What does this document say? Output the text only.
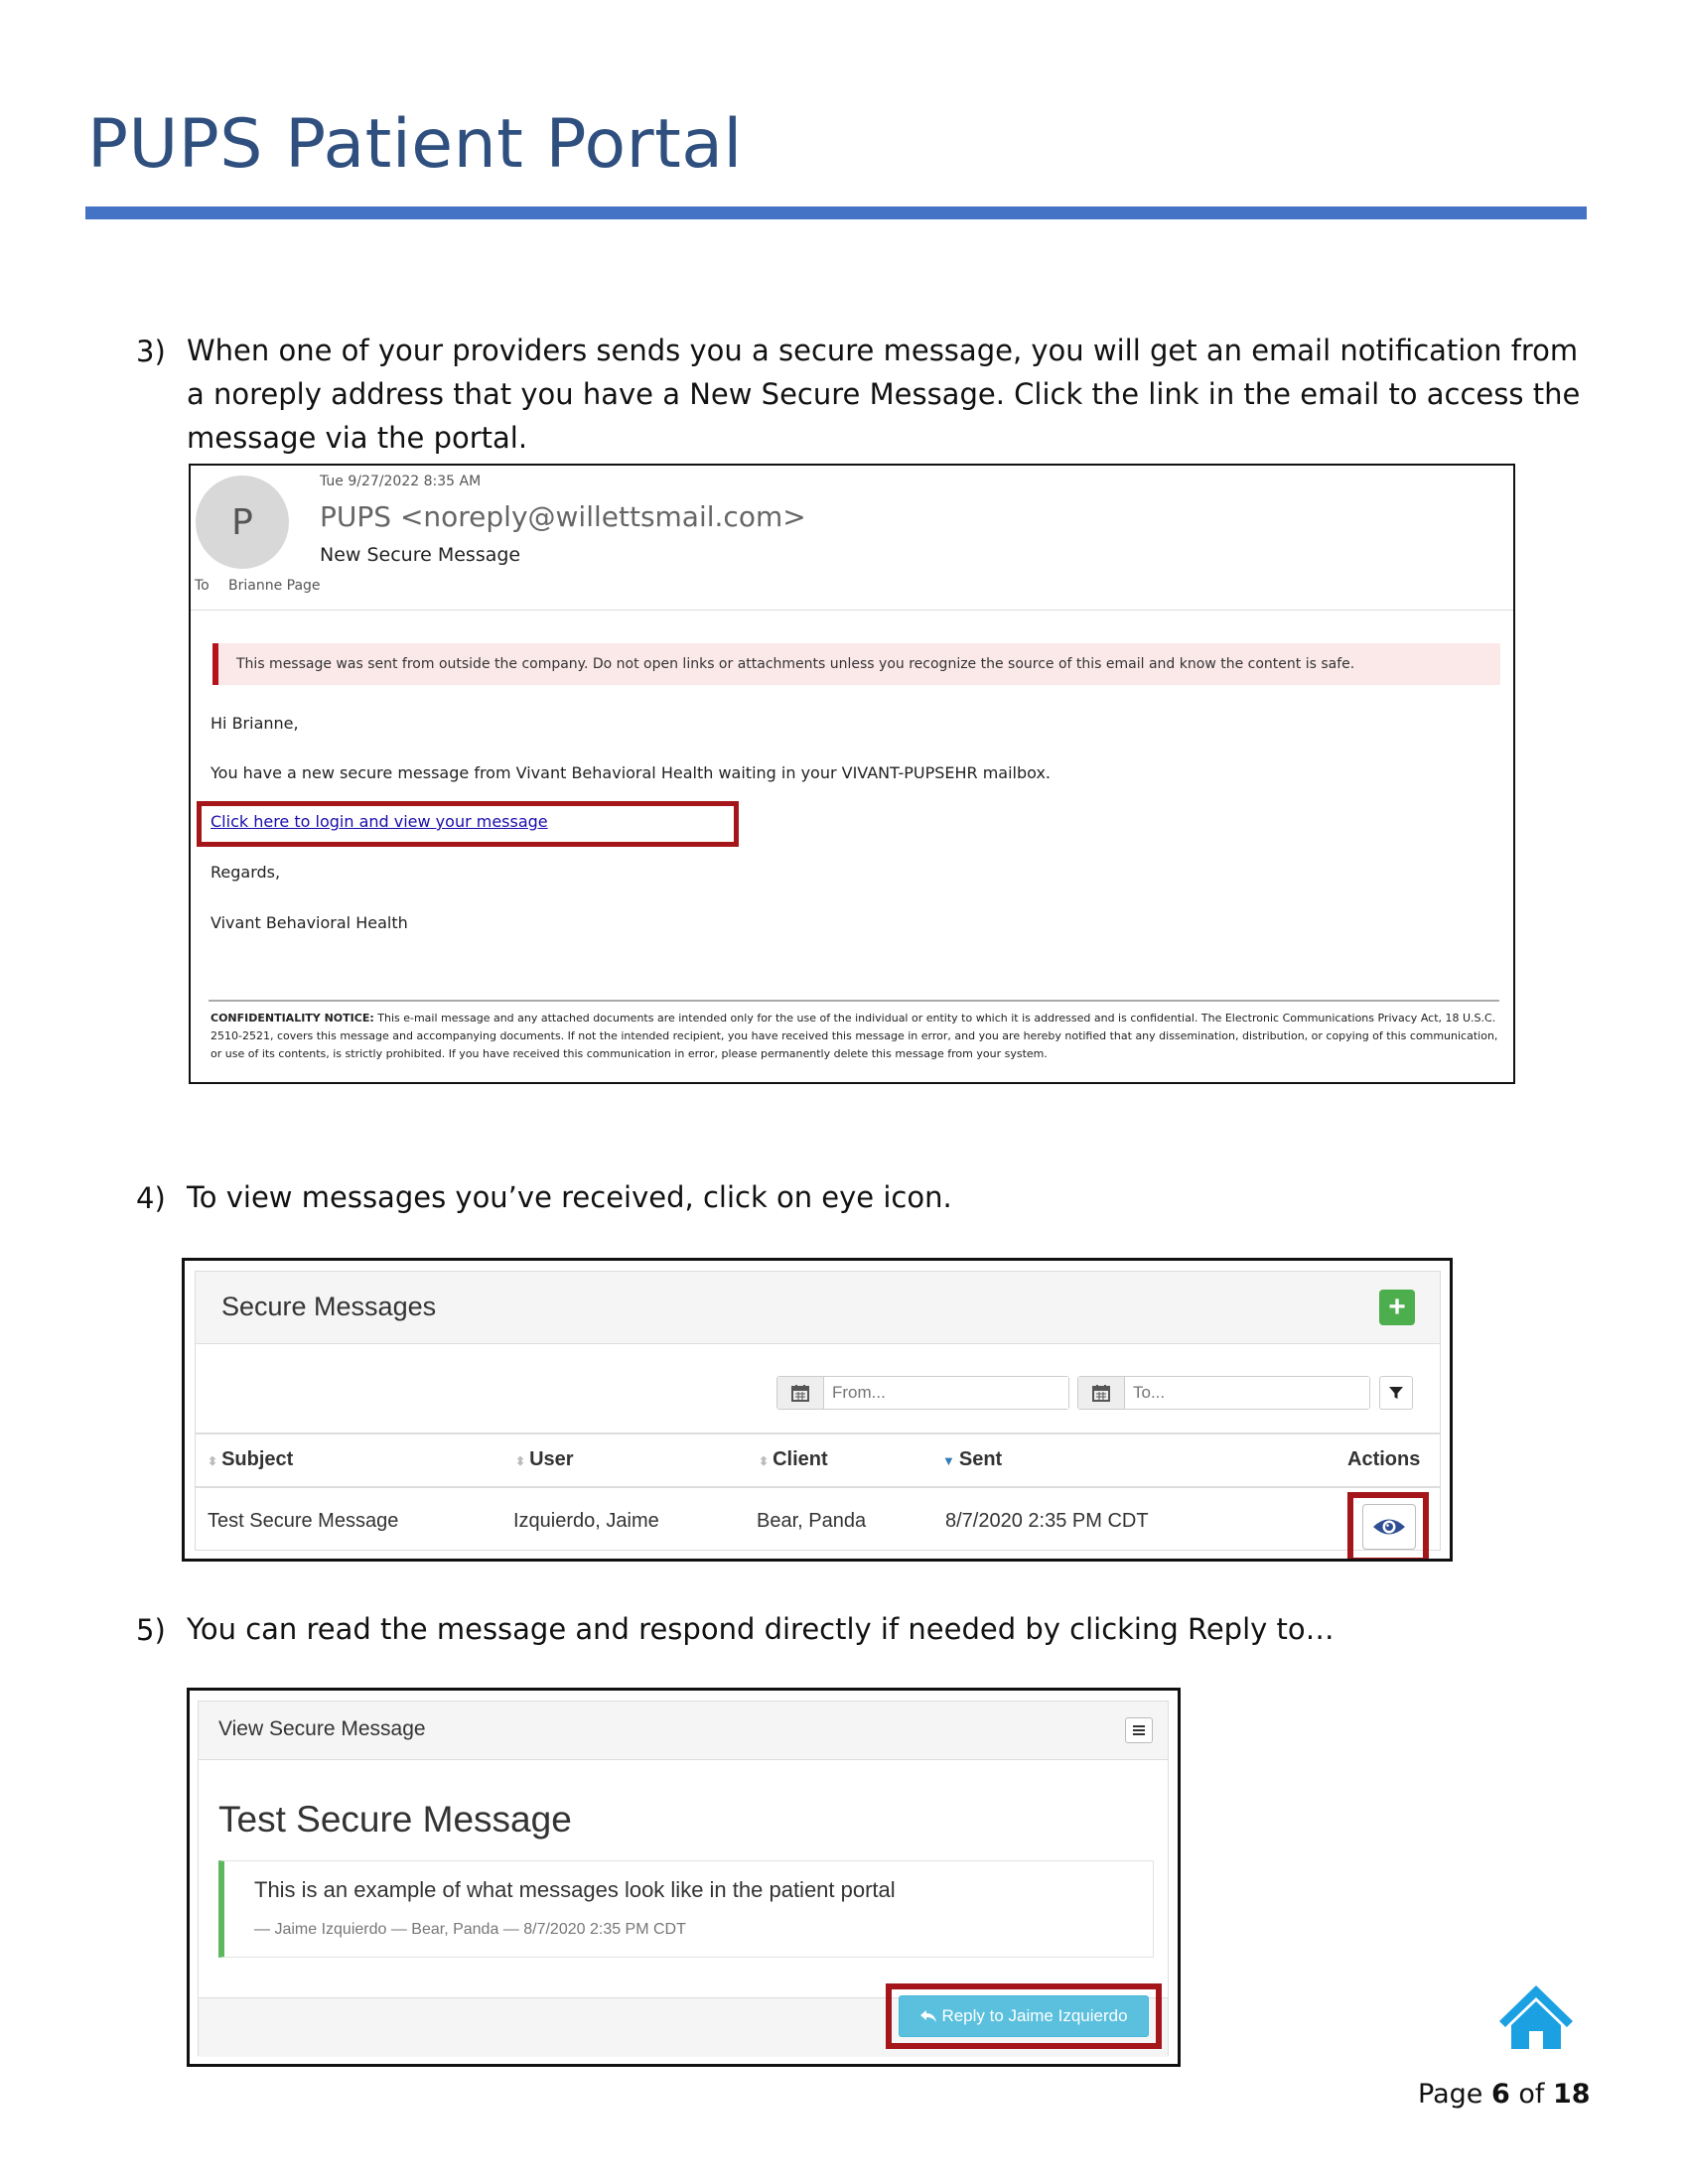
PUPS Patient Portal
3) When one of your providers sends you a secure message, you will get an email notification from a noreply address that you have a New Secure Message. Click the link in the email to access the message via the portal.
P
Tue 9/27/2022 8:35 AM
PUPS <noreply@willettsmail.com>
New Secure Message
To Brianne Page
This message was sent from outside the company. Do not open links or attachments unless you recognize the source of this email and know the content is safe.
Hi Brianne,
You have a new secure message from Vivant Behavioral Health waiting in your VIVANT-PUPSEHR mailbox.
Click here to login and view your message
Regards,
Vivant Behavioral Health
CONFIDENTIALITY NOTICE: This e-mail message and any attached documents are intended only for the use of the individual or entity to which it is addressed and is confidential. The Electronic Communications Privacy Act, 18 U.S.C. 2510-2521, covers this message and accompanying documents. If not the intended recipient, you have received this message in error, and you are hereby notified that any dissemination, distribution, or copying of this communication, or use of its contents, is strictly prohibited. If you have received this communication in error, please permanently delete this message from your system.
4) To view messages you’ve received, click on eye icon.
Secure Messages	+
From...
To...
⬍ Subject	⬍ User	⬍ Client	▼ Sent	Actions
Test Secure Message	Izquierdo, Jaime	Bear, Panda	8/7/2020 2:35 PM CDT
5) You can read the message and respond directly if needed by clicking Reply to…
View Secure Message
Test Secure Message
This is an example of what messages look like in the patient portal
— Jaime Izquierdo — Bear, Panda — 8/7/2020 2:35 PM CDT
Reply to Jaime Izquierdo
Page 6 of 18
